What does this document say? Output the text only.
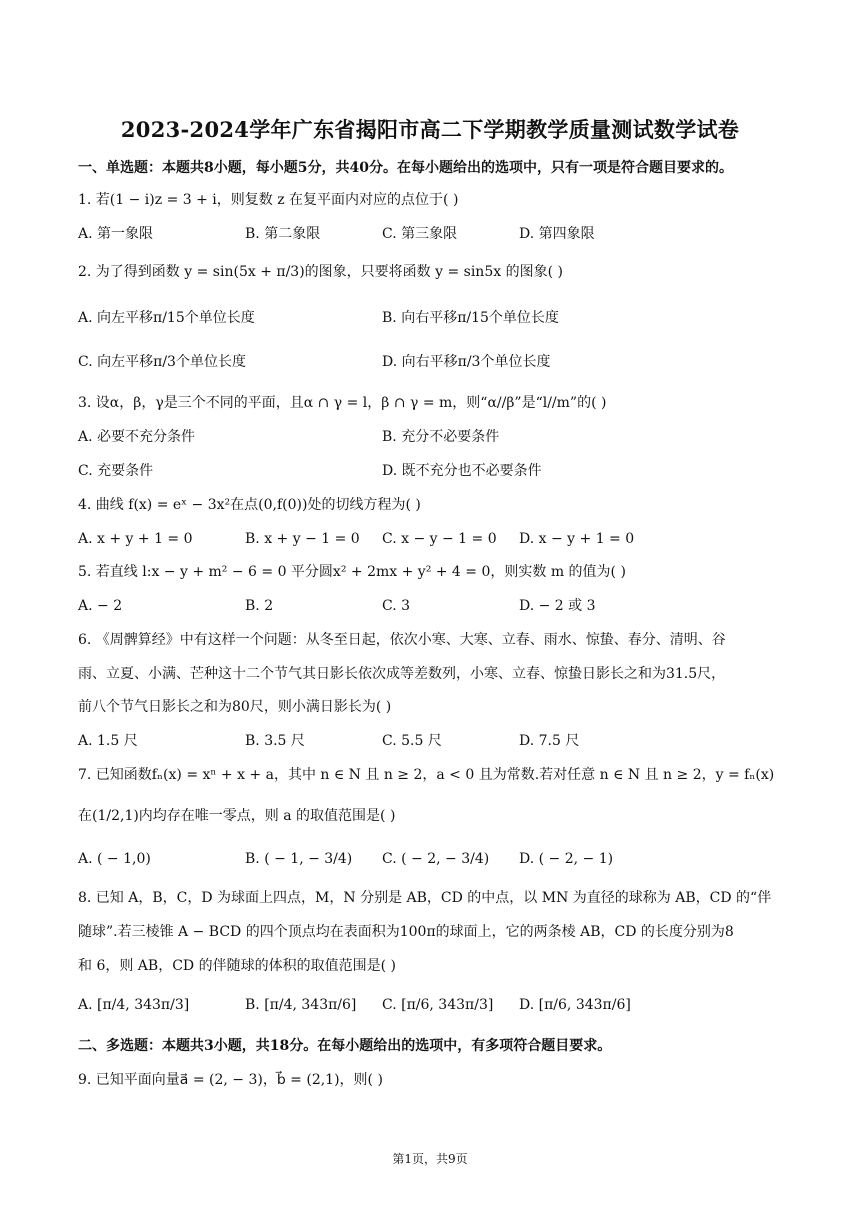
2023-2024学年广东省揭阳市高二下学期教学质量测试数学试卷
一、单选题：本题共8小题，每小题5分，共40分。在每小题给出的选项中，只有一项是符合题目要求的。
1. 若(1 − i)z = 3 + i，则复数 z 在复平面内对应的点位于( )
A. 第一象限	B. 第二象限	C. 第三象限	D. 第四象限
2. 为了得到函数 y = sin(5x + π/3)的图象，只要将函数 y = sin5x 的图象( )
A. 向左平移π/15个单位长度	B. 向右平移π/15个单位长度
C. 向左平移π/3个单位长度	D. 向右平移π/3个单位长度
3. 设α，β，γ是三个不同的平面，且α ∩ γ = l，β ∩ γ = m，则“α//β”是“l//m”的( )
A. 必要不充分条件	B. 充分不必要条件
C. 充要条件	D. 既不充分也不必要条件
4. 曲线 f(x) = eˣ − 3x²在点(0,f(0))处的切线方程为( )
A. x + y + 1 = 0	B. x + y − 1 = 0 C. x − y − 1 = 0 D. x − y + 1 = 0
5. 若直线 l:x − y + m² − 6 = 0 平分圆x² + 2mx + y² + 4 = 0，则实数 m 的值为( )
A. − 2	B. 2	C. 3	D. − 2 或 3
6. 《周髀算经》中有这样一个问题：从冬至日起，依次小寒、大寒、立春、雨水、惊蛰、春分、清明、谷
雨、立夏、小满、芒种这十二个节气其日影长依次成等差数列，小寒、立春、惊蛰日影长之和为31.5尺，
前八个节气日影长之和为80尺，则小满日影长为( )
A. 1.5 尺	B. 3.5 尺	C. 5.5 尺	D. 7.5 尺
7. 已知函数fₙ(x) = xⁿ + x + a，其中 n ∈ N 且 n ≥ 2，a < 0 且为常数.若对任意 n ∈ N 且 n ≥ 2，y = fₙ(x)
在(1/2,1)内均存在唯一零点，则 a 的取值范围是( )
A. ( − 1,0)	B. ( − 1, − 3/4) C. ( − 2, − 3/4) D. ( − 2, − 1)
8. 已知 A，B，C，D 为球面上四点，M，N 分别是 AB，CD 的中点，以 MN 为直径的球称为 AB，CD 的“伴
随球”.若三棱锥 A − BCD 的四个顶点均在表面积为100π的球面上，它的两条棱 AB，CD 的长度分别为8
和 6，则 AB，CD 的伴随球的体积的取值范围是( )
A. [π/4, 343π/3]	B. [π/4, 343π/6] C. [π/6, 343π/3] D. [π/6, 343π/6]
二、多选题：本题共3小题，共18分。在每小题给出的选项中，有多项符合题目要求。
9. 已知平面向量a⃗ = (2, − 3)，b⃗ = (2,1)，则( )
第1页，共9页
